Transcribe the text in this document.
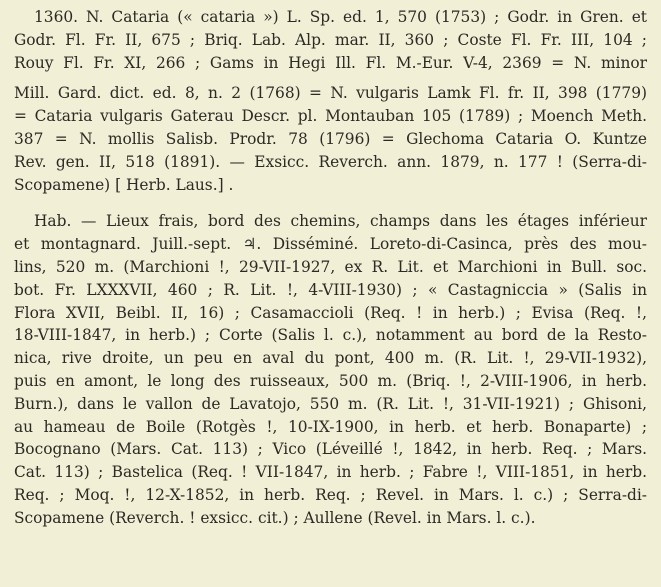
1360. N. Cataria (« cataria ») L. Sp. ed. 1, 570 (1753) ; Godr. in Gren. et
Godr. Fl. Fr. II, 675 ; Briq. Lab. Alp. mar. II, 360 ; Coste Fl. Fr. III, 104 ;
Rouy Fl. Fr. XI, 266 ; Gams in Hegi Ill. Fl. M.-Eur. V-4, 2369 = N. minor
Mill. Gard. dict. ed. 8, n. 2 (1768) = N. vulgaris Lamk Fl. fr. II, 398 (1779)
= Cataria vulgaris Gaterau Descr. pl. Montauban 105 (1789) ; Moench Meth.
387 = N. mollis Salisb. Prodr. 78 (1796) = Glechoma Cataria O. Kuntze
Rev. gen. II, 518 (1891). — Exsicc. Reverch. ann. 1879, n. 177 ! (Serra-di-
Scopamene) [ Herb. Laus.] .
Hab. — Lieux frais, bord des chemins, champs dans les étages inférieur
et montagnard. Juill.-sept. ♃. Disséminé. Loreto-di-Casinca, près des mou-
lins, 520 m. (Marchioni !, 29-VII-1927, ex R. Lit. et Marchioni in Bull. soc.
bot. Fr. LXXXVII, 460 ; R. Lit. !, 4-VIII-1930) ; « Castagniccia » (Salis in
Flora XVII, Beibl. II, 16) ; Casamaccioli (Req. ! in herb.) ; Evisa (Req. !,
18-VIII-1847, in herb.) ; Corte (Salis l. c.), notamment au bord de la Resto-
nica, rive droite, un peu en aval du pont, 400 m. (R. Lit. !, 29-VII-1932),
puis en amont, le long des ruisseaux, 500 m. (Briq. !, 2-VIII-1906, in herb.
Burn.), dans le vallon de Lavatojo, 550 m. (R. Lit. !, 31-VII-1921) ; Ghisoni,
au hameau de Boile (Rotgès !, 10-IX-1900, in herb. et herb. Bonaparte) ;
Bocognano (Mars. Cat. 113) ; Vico (Léveillé !, 1842, in herb. Req. ; Mars.
Cat. 113) ; Bastelica (Req. ! VII-1847, in herb. ; Fabre !, VIII-1851, in herb.
Req. ; Moq. !, 12-X-1852, in herb. Req. ; Revel. in Mars. l. c.) ; Serra-di-
Scopamene (Reverch. ! exsicc. cit.) ; Aullene (Revel. in Mars. l. c.).
